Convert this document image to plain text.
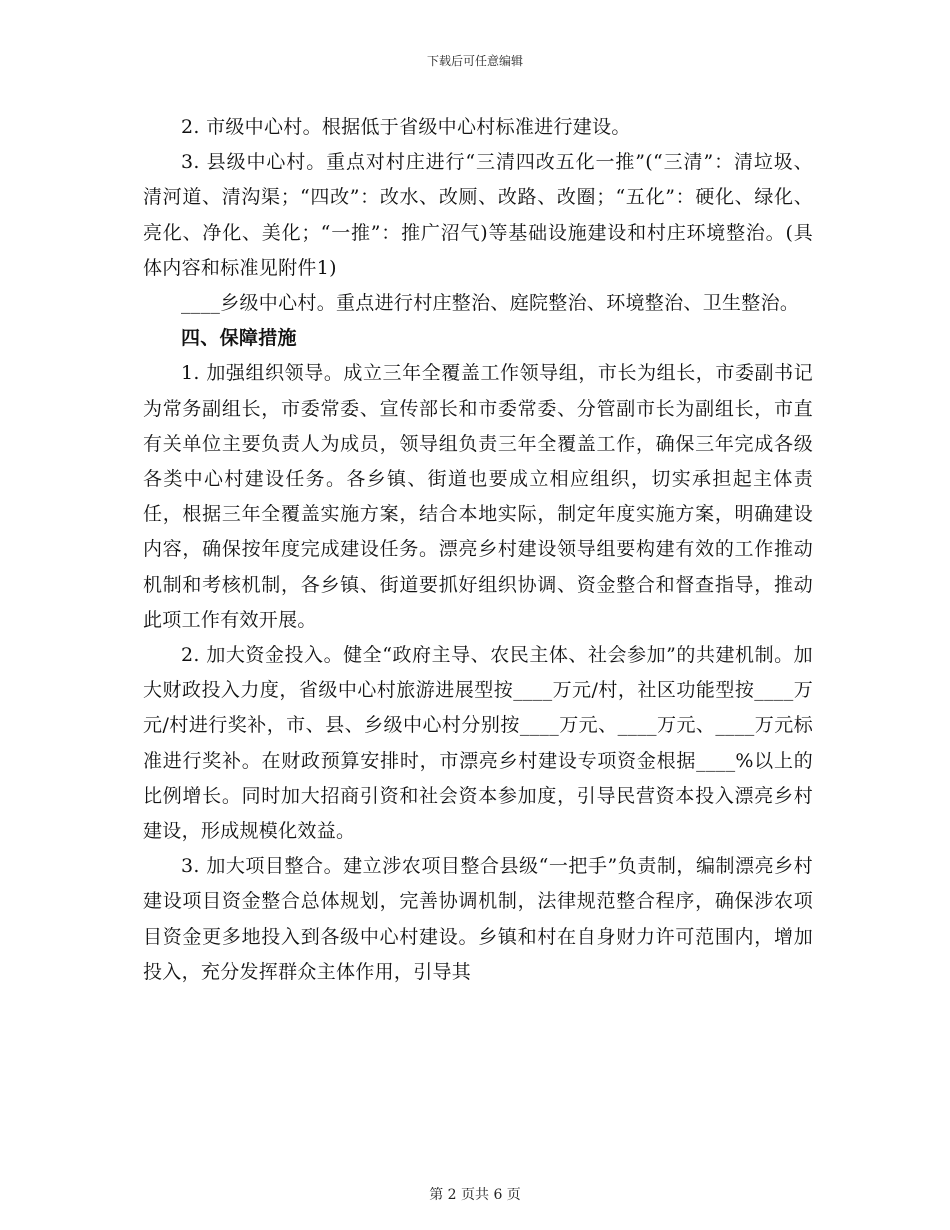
下载后可任意编辑

2. 市级中心村。根据低于省级中心村标准进行建设。

3. 县级中心村。重点对村庄进行“三清四改五化一推”(“三清”：清垃圾、清河道、清沟渠；“四改”：改水、改厕、改路、改圈；“五化”：硬化、绿化、亮化、净化、美化；“一推”：推广沼气)等基础设施建设和村庄环境整治。(具体内容和标准见附件1)

____乡级中心村。重点进行村庄整治、庭院整治、环境整治、卫生整治。

四、保障措施

1. 加强组织领导。成立三年全覆盖工作领导组，市长为组长，市委副书记为常务副组长，市委常委、宣传部长和市委常委、分管副市长为副组长，市直有关单位主要负责人为成员，领导组负责三年全覆盖工作，确保三年完成各级各类中心村建设任务。各乡镇、街道也要成立相应组织，切实承担起主体责任，根据三年全覆盖实施方案，结合本地实际，制定年度实施方案，明确建设内容，确保按年度完成建设任务。漂亮乡村建设领导组要构建有效的工作推动机制和考核机制，各乡镇、街道要抓好组织协调、资金整合和督查指导，推动此项工作有效开展。

2. 加大资金投入。健全“政府主导、农民主体、社会参加”的共建机制。加大财政投入力度，省级中心村旅游进展型按____万元/村，社区功能型按____万元/村进行奖补，市、县、乡级中心村分别按____万元、____万元、____万元标准进行奖补。在财政预算安排时，市漂亮乡村建设专项资金根据____%以上的比例增长。同时加大招商引资和社会资本参加度，引导民营资本投入漂亮乡村建设，形成规模化效益。

3. 加大项目整合。建立涉农项目整合县级“一把手”负责制，编制漂亮乡村建设项目资金整合总体规划，完善协调机制，法律规范整合程序，确保涉农项目资金更多地投入到各级中心村建设。乡镇和村在自身财力许可范围内，增加投入，充分发挥群众主体作用，引导其

第 2 页共 6 页
